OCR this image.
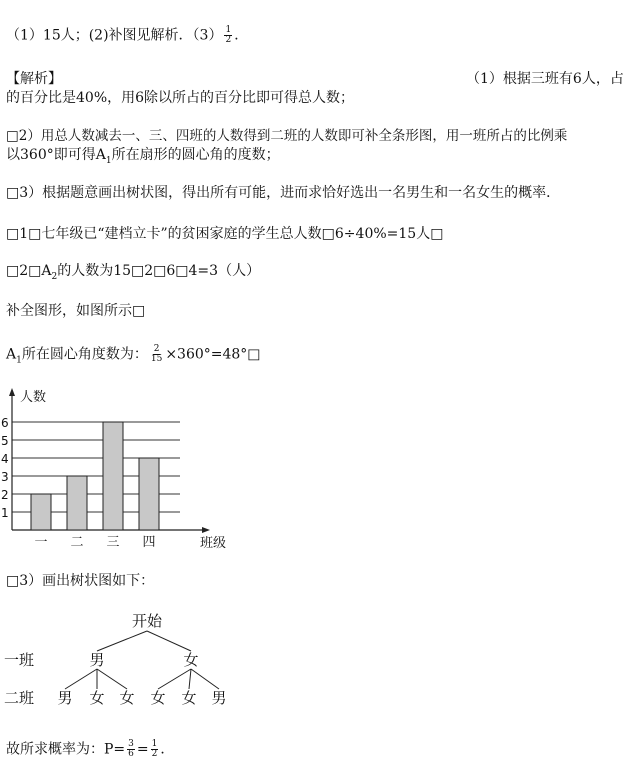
（1）15人；(2)补图见解析．$(3) \frac{1}{2}$ ．
【解析】	（1）根据三班有6人，占
的百分比是40%，用6除以所占的百分比即可得总人数；
□2）用总人数减去一、三、四班的人数得到二班的人数即可补全条形图，用一班所占的比例乘
以360°即可得$A_1$所在扇形的圆心角的度数；
□3）根据题意画出树状图，得出所有可能，进而求恰好选出一名男生和一名女生的概率．
□1□七年级已“建档立卡”的贫困家庭的学生总人数□6÷40%=15人□
$□2□A_2$的人数为15□2□6□4=3（人）
补全图形，如图所示□
$A_1$所在圆心角度数为： $\frac{2}{15}$ ×360°=48°□
1
2
3
4
5
6
一 二 三 四
人数
班级
□3）画出树状图如下：
开始
一班
二班
男
男 女 女
女
女 女 男
故所求概率为：$P= \frac{3}{6} = \frac{1}{2}$ ．
